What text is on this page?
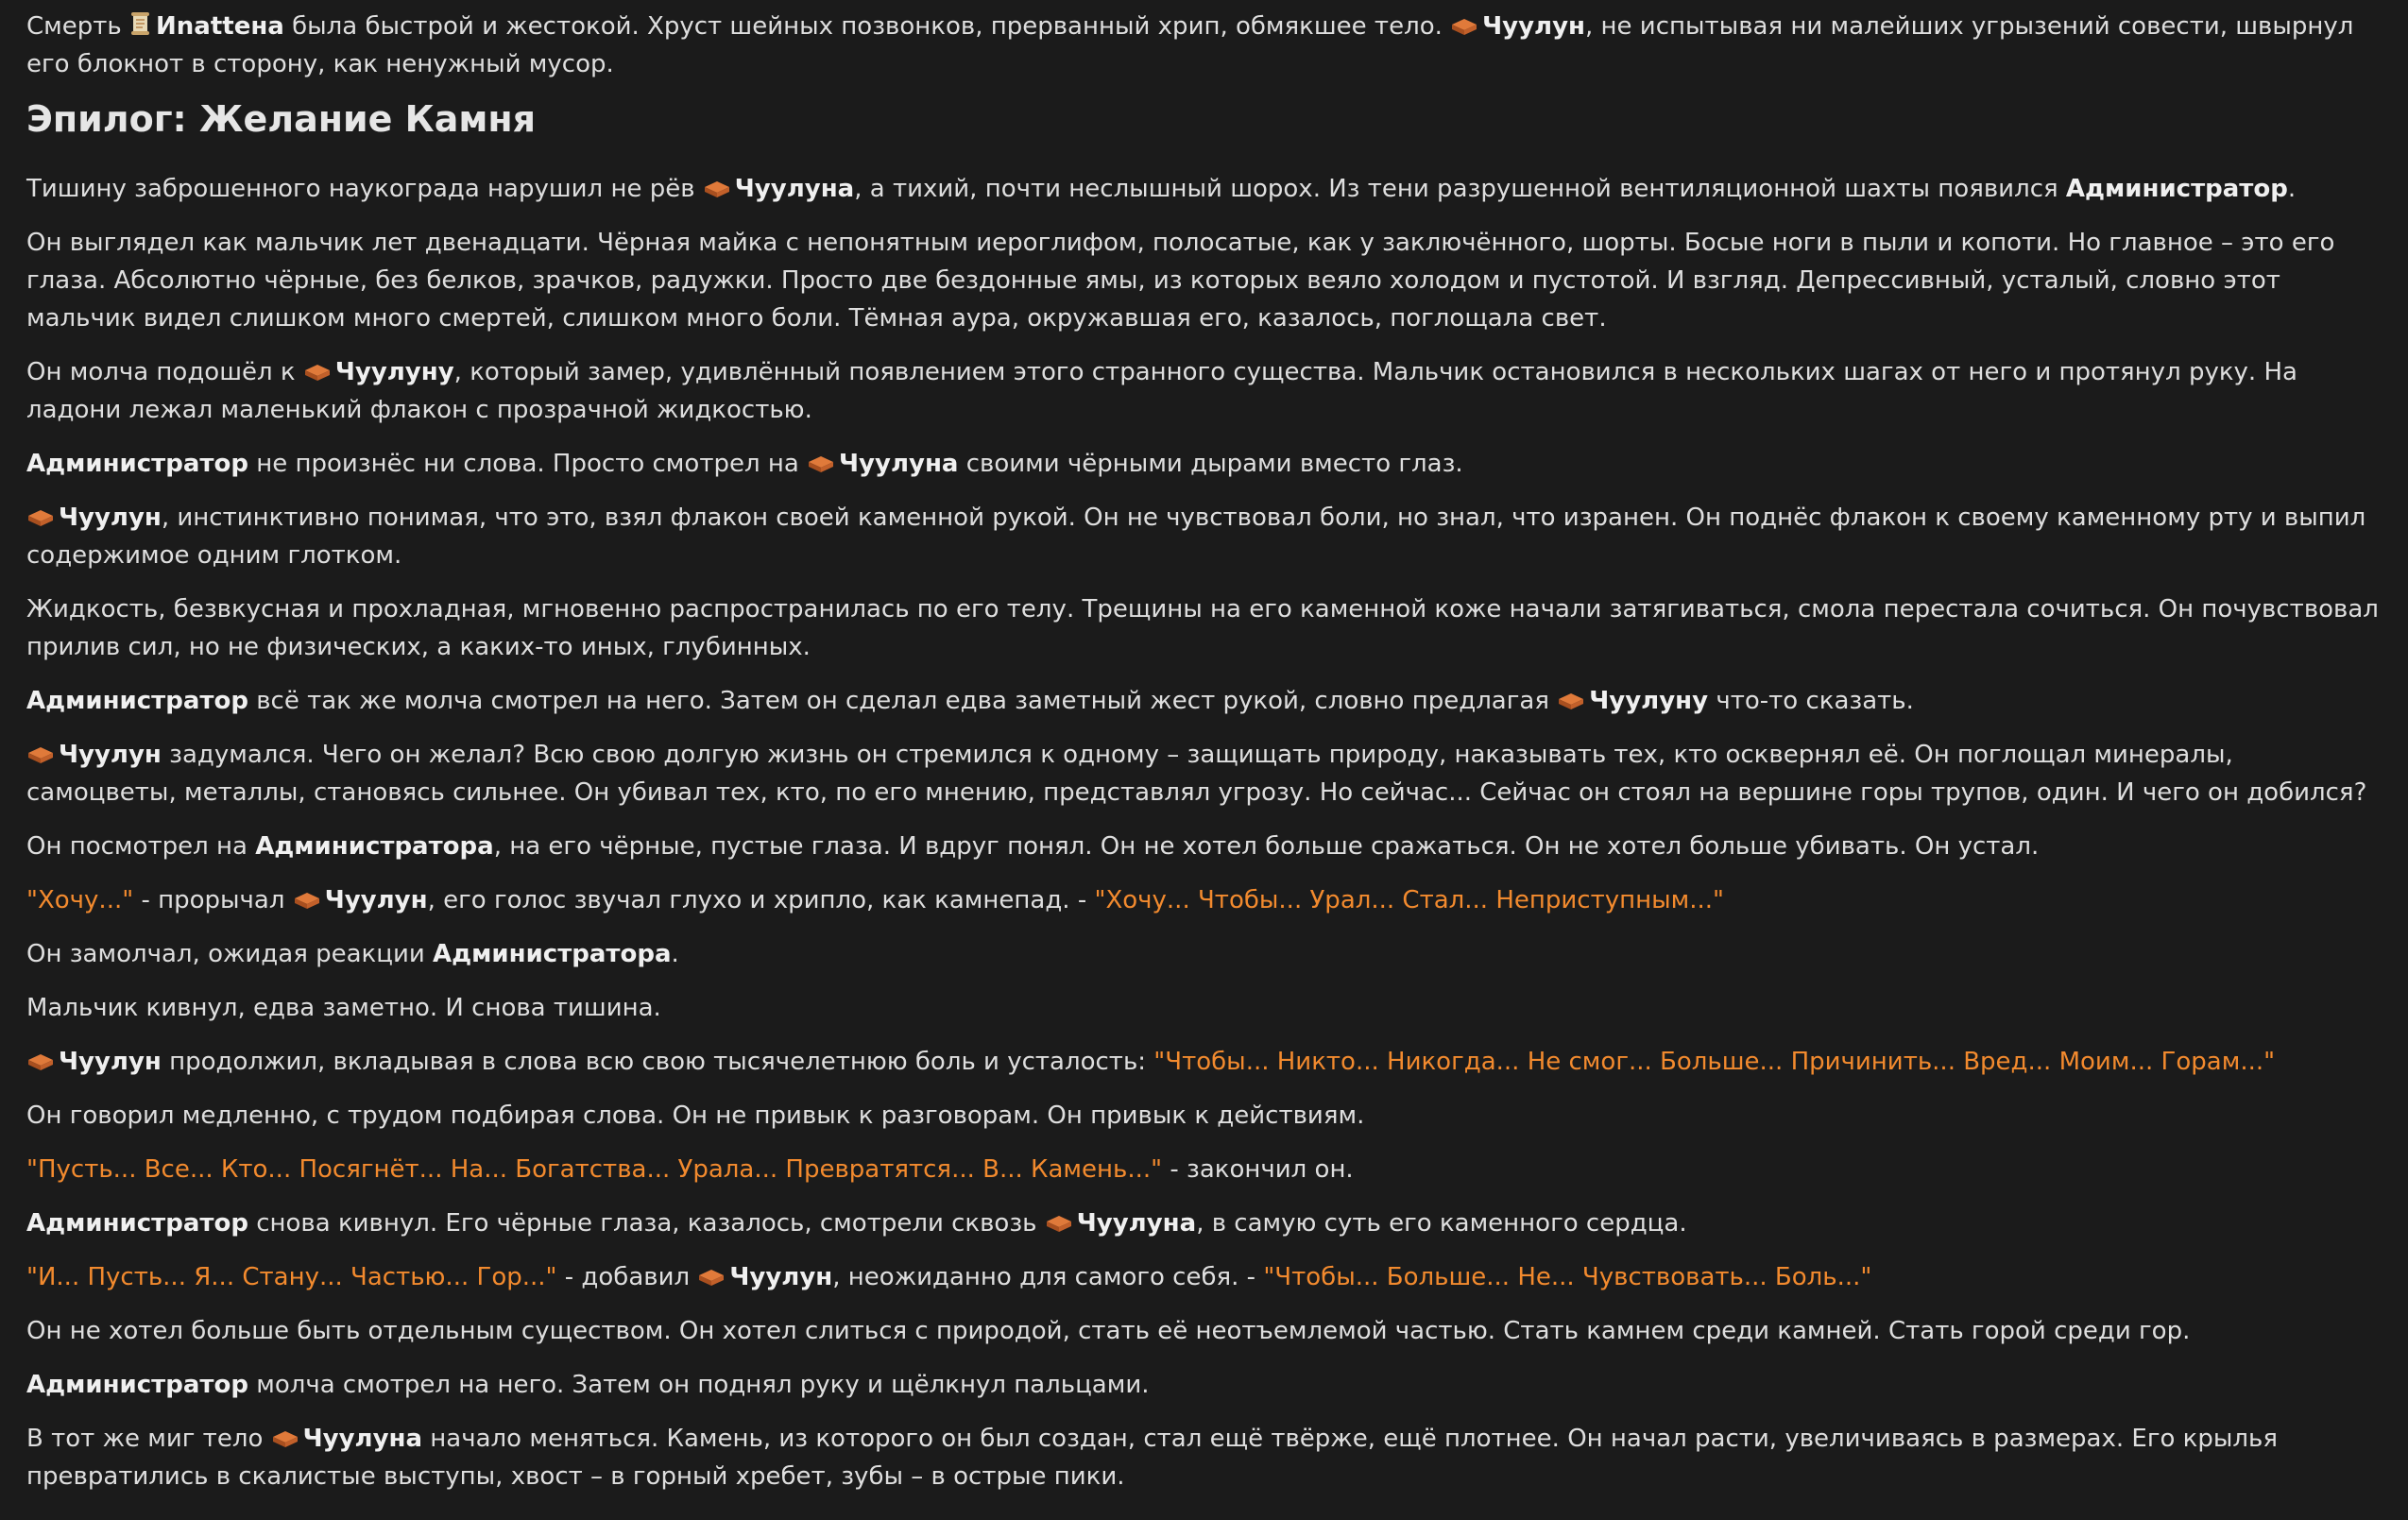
Смерть Иnattена была быстрой и жестокой. Хруст шейных позвонков, прерванный хрип, обмякшее тело. Чуулун, не испытывая ни малейших угрызений совести, швырнул его блокнот в сторону, как ненужный мусор.

Эпилог: Желание Камня

Тишину заброшенного наукограда нарушил не рёв Чуулуна, а тихий, почти неслышный шорох. Из тени разрушенной вентиляционной шахты появился Администратор.

Он выглядел как мальчик лет двенадцати. Чёрная майка с непонятным иероглифом, полосатые, как у заключённого, шорты. Босые ноги в пыли и копоти. Но главное – это его глаза. Абсолютно чёрные, без белков, зрачков, радужки. Просто две бездонные ямы, из которых веяло холодом и пустотой. И взгляд. Депрессивный, усталый, словно этот мальчик видел слишком много смертей, слишком много боли. Тёмная аура, окружавшая его, казалось, поглощала свет.

Он молча подошёл к Чуулуну, который замер, удивлённый появлением этого странного существа. Мальчик остановился в нескольких шагах от него и протянул руку. На ладони лежал маленький флакон с прозрачной жидкостью.

Администратор не произнёс ни слова. Просто смотрел на Чуулуна своими чёрными дырами вместо глаз.

Чуулун, инстинктивно понимая, что это, взял флакон своей каменной рукой. Он не чувствовал боли, но знал, что изранен. Он поднёс флакон к своему каменному рту и выпил содержимое одним глотком.

Жидкость, безвкусная и прохладная, мгновенно распространилась по его телу. Трещины на его каменной коже начали затягиваться, смола перестала сочиться. Он почувствовал прилив сил, но не физических, а каких-то иных, глубинных.

Администратор всё так же молча смотрел на него. Затем он сделал едва заметный жест рукой, словно предлагая Чуулуну что-то сказать.

Чуулун задумался. Чего он желал? Всю свою долгую жизнь он стремился к одному – защищать природу, наказывать тех, кто осквернял её. Он поглощал минералы, самоцветы, металлы, становясь сильнее. Он убивал тех, кто, по его мнению, представлял угрозу. Но сейчас... Сейчас он стоял на вершине горы трупов, один. И чего он добился?

Он посмотрел на Администратора, на его чёрные, пустые глаза. И вдруг понял. Он не хотел больше сражаться. Он не хотел больше убивать. Он устал.

"Хочу..." - прорычал Чуулун, его голос звучал глухо и хрипло, как камнепад. - "Хочу... Чтобы... Урал... Стал... Неприступным..."

Он замолчал, ожидая реакции Администратора.

Мальчик кивнул, едва заметно. И снова тишина.

Чуулун продолжил, вкладывая в слова всю свою тысячелетнюю боль и усталость: "Чтобы... Никто... Никогда... Не смог... Больше... Причинить... Вред... Моим... Горам..."

Он говорил медленно, с трудом подбирая слова. Он не привык к разговорам. Он привык к действиям.

"Пусть... Все... Кто... Посягнёт... На... Богатства... Урала... Превратятся... В... Камень..." - закончил он.

Администратор снова кивнул. Его чёрные глаза, казалось, смотрели сквозь Чуулуна, в самую суть его каменного сердца.

"И... Пусть... Я... Стану... Частью... Гор..." - добавил Чуулун, неожиданно для самого себя. - "Чтобы... Больше... Не... Чувствовать... Боль..."

Он не хотел больше быть отдельным существом. Он хотел слиться с природой, стать её неотъемлемой частью. Стать камнем среди камней. Стать горой среди гор.

Администратор молча смотрел на него. Затем он поднял руку и щёлкнул пальцами.

В тот же миг тело Чуулуна начало меняться. Камень, из которого он был создан, стал ещё твёрже, ещё плотнее. Он начал расти, увеличиваясь в размерах. Его крылья превратились в скалистые выступы, хвост – в горный хребет, зубы – в острые пики.
